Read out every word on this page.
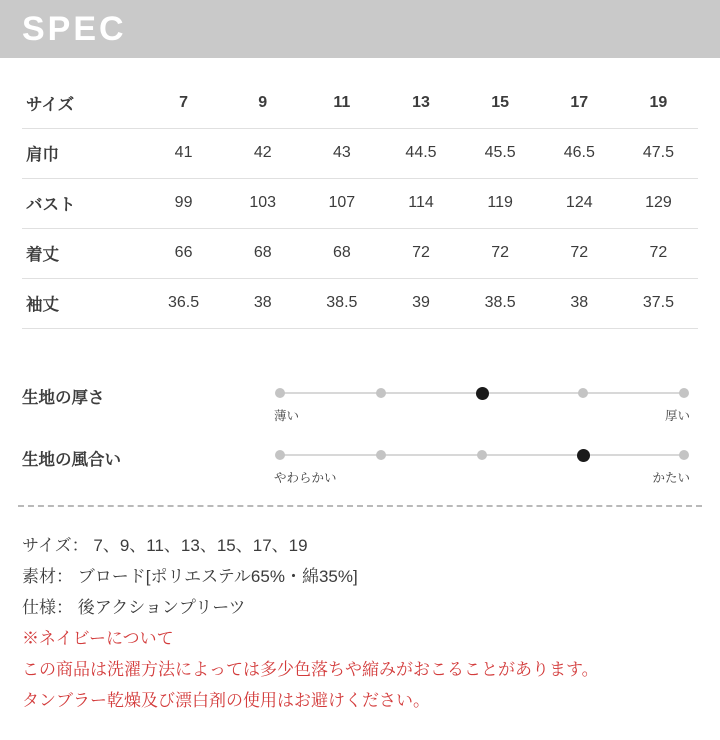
SPEC
サイズ	7	9	11	13	15	17	19
肩巾	41	42	43	44.5	45.5	46.5	47.5
バスト	99	103	107	114	119	124	129
着丈	66	68	68	72	72	72	72
袖丈	36.5	38	38.5	39	38.5	38	37.5
生地の厚さ
薄い	厚い
生地の風合い
やわらかい	かたい
サイズ： 7、9、11、13、15、17、19
素材： ブロード[ポリエステル65%・綿35%]
仕様： 後アクションプリーツ
※ネイビーについて
この商品は洗濯方法によっては多少色落ちや縮みがおこることがあります。
タンブラー乾燥及び漂白剤の使用はお避けください。
